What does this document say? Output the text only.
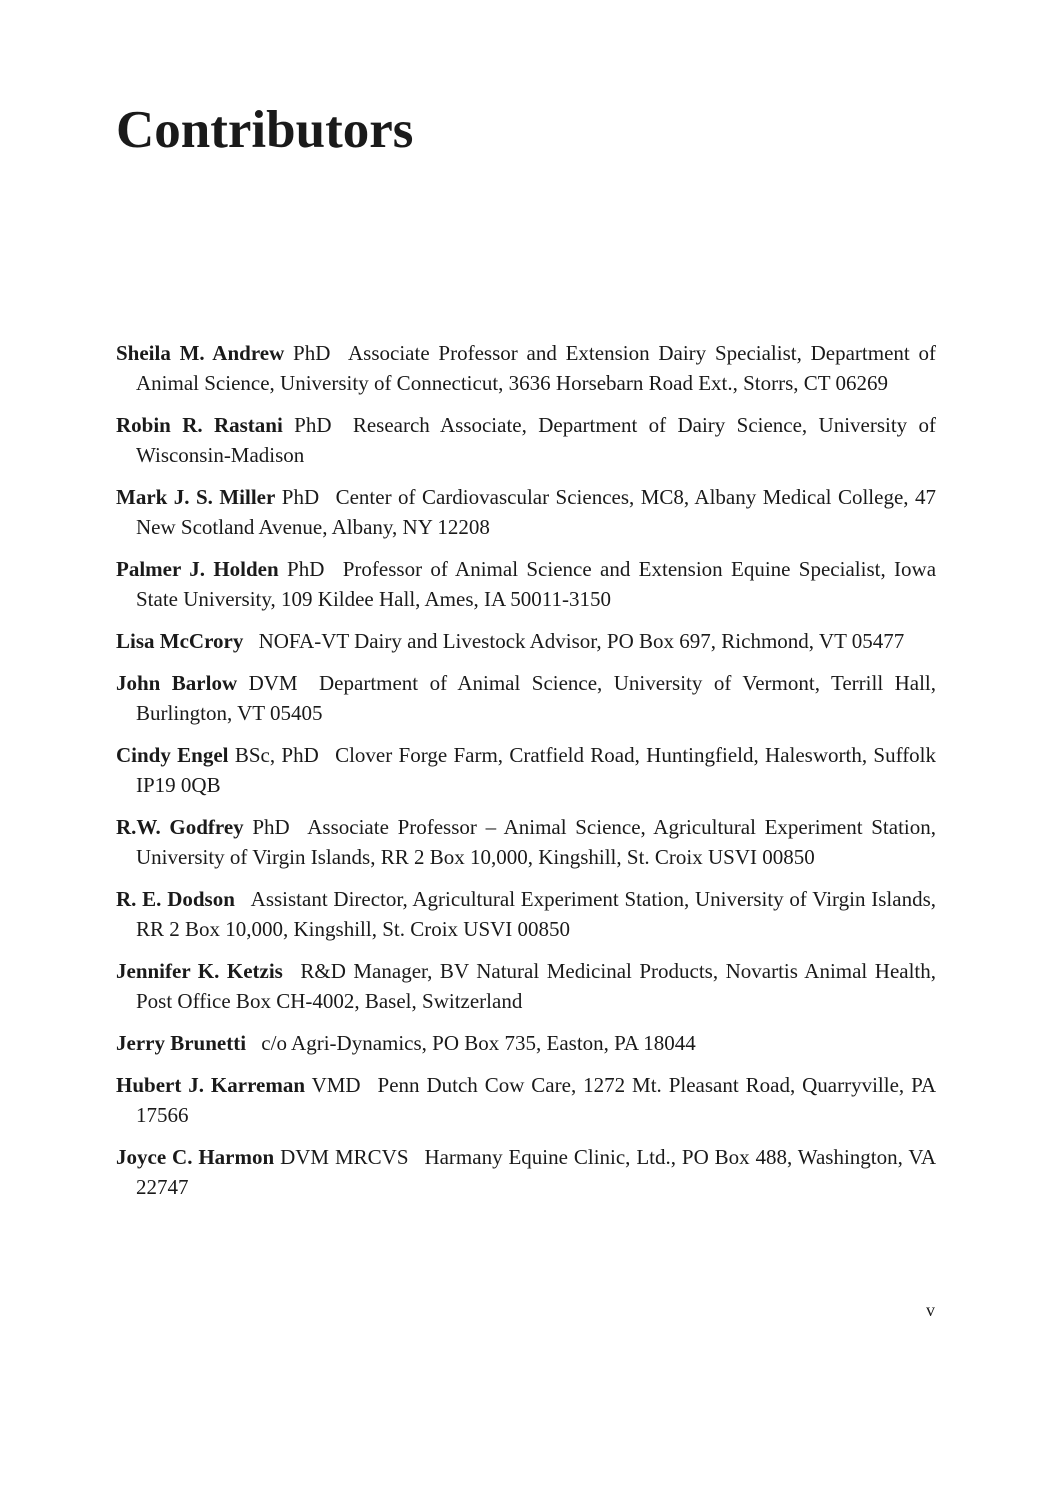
Contributors
Sheila M. Andrew PhD Associate Professor and Extension Dairy Specialist, Department of Animal Science, University of Connecticut, 3636 Horsebarn Road Ext., Storrs, CT 06269
Robin R. Rastani PhD Research Associate, Department of Dairy Science, University of Wisconsin-Madison
Mark J. S. Miller PhD Center of Cardiovascular Sciences, MC8, Albany Medical College, 47 New Scotland Avenue, Albany, NY 12208
Palmer J. Holden PhD Professor of Animal Science and Extension Equine Specialist, Iowa State University, 109 Kildee Hall, Ames, IA 50011-3150
Lisa McCrory NOFA-VT Dairy and Livestock Advisor, PO Box 697, Richmond, VT 05477
John Barlow DVM Department of Animal Science, University of Vermont, Terrill Hall, Burlington, VT 05405
Cindy Engel BSc, PhD Clover Forge Farm, Cratfield Road, Huntingfield, Halesworth, Suffolk IP19 0QB
R.W. Godfrey PhD Associate Professor – Animal Science, Agricultural Experiment Station, University of Virgin Islands, RR 2 Box 10,000, Kingshill, St. Croix USVI 00850
R. E. Dodson Assistant Director, Agricultural Experiment Station, University of Virgin Islands, RR 2 Box 10,000, Kingshill, St. Croix USVI 00850
Jennifer K. Ketzis R&D Manager, BV Natural Medicinal Products, Novartis Animal Health, Post Office Box CH-4002, Basel, Switzerland
Jerry Brunetti c/o Agri-Dynamics, PO Box 735, Easton, PA 18044
Hubert J. Karreman VMD Penn Dutch Cow Care, 1272 Mt. Pleasant Road, Quarryville, PA 17566
Joyce C. Harmon DVM MRCVS Harmany Equine Clinic, Ltd., PO Box 488, Washington, VA 22747
v
